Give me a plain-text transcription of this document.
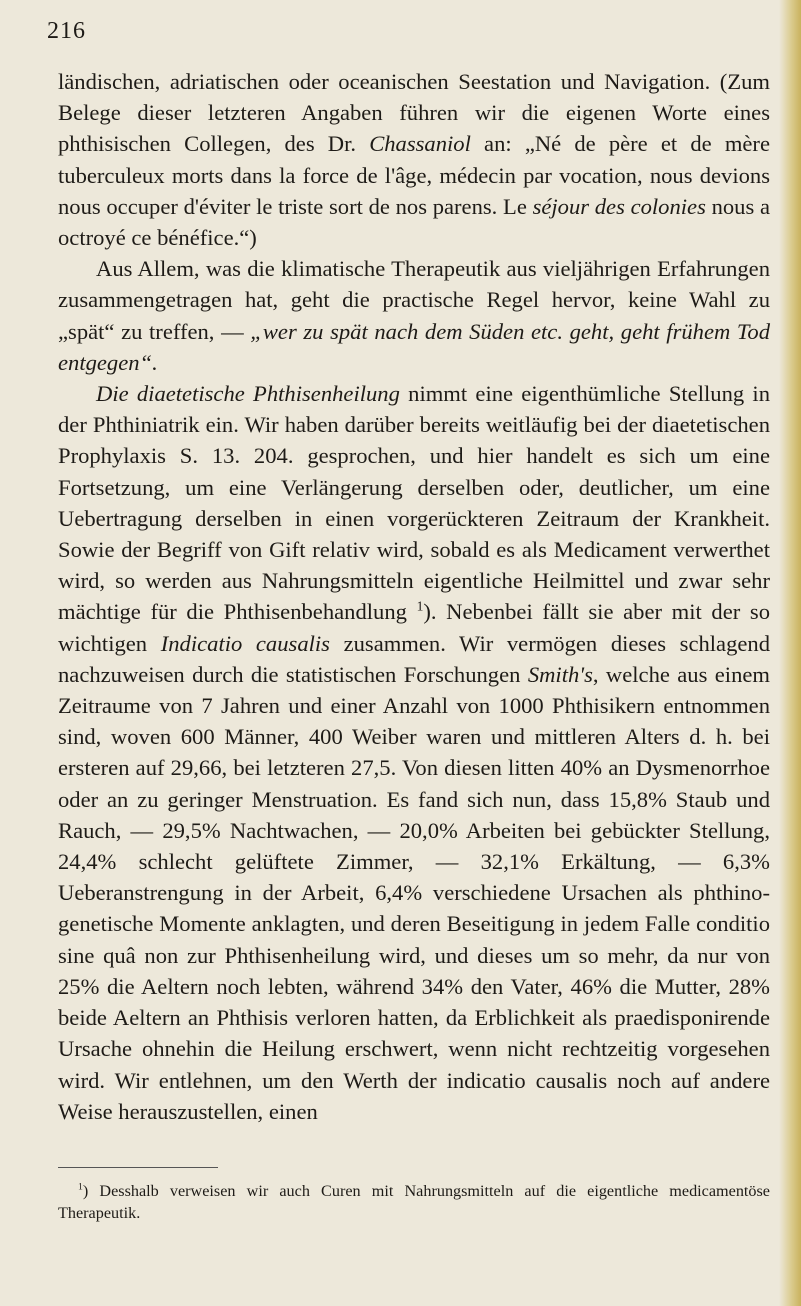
216

ländischen, adriatischen oder oceanischen Seestation und Navigation. (Zum Belege dieser letzteren Angaben führen wir die eigenen Worte eines phthisischen Collegen, des Dr. Chassaniol an: „Né de père et de mère tuberculeux morts dans la force de l'âge, médecin par vocation, nous devions nous occuper d'éviter le triste sort de nos parens. Le séjour des colonies nous a octroyé ce bénéfice.“)

Aus Allem, was die klimatische Therapeutik aus vieljährigen Erfahrungen zusammengetragen hat, geht die practische Regel hervor, keine Wahl zu „spät“ zu treffen, — „wer zu spät nach dem Süden etc. geht, geht frühem Tod entgegen“.

Die diaetetische Phthisenheilung nimmt eine eigenthümliche Stellung in der Phthiniatrik ein. Wir haben darüber bereits weitläufig bei der diaetetischen Prophylaxis S. 13. 204. gesprochen, und hier handelt es sich um eine Fortsetzung, um eine Verlängerung derselben oder, deutlicher, um eine Uebertragung derselben in einen vorgerückteren Zeitraum der Krankheit. Sowie der Begriff von Gift relativ wird, sobald es als Medicament verwerthet wird, so werden aus Nahrungsmitteln eigentliche Heilmittel und zwar sehr mächtige für die Phthisenbehandlung $^1$). Nebenbei fällt sie aber mit der so wichtigen Indicatio causalis zusammen. Wir vermögen dieses schlagend nachzuweisen durch die statistischen Forschungen Smith's, welche aus einem Zeitraume von 7 Jahren und einer Anzahl von 1000 Phthisikern entnommen sind, woven 600 Männer, 400 Weiber waren und mittleren Alters d. h. bei ersteren auf 29,66, bei letzteren 27,5. Von diesen litten 40% an Dysmenorrhoe oder an zu geringer Menstruation. Es fand sich nun, dass 15,8% Staub und Rauch, — 29,5% Nachtwachen, — 20,0% Arbeiten bei gebückter Stellung, 24,4% schlecht gelüftete Zimmer, — 32,1% Erkältung, — 6,3% Ueberanstrengung in der Arbeit, 6,4% verschiedene Ursachen als phthino-genetische Momente anklagten, und deren Beseitigung in jedem Falle conditio sine quâ non zur Phthisenheilung wird, und dieses um so mehr, da nur von 25% die Aeltern noch lebten, während 34% den Vater, 46% die Mutter, 28% beide Aeltern an Phthisis verloren hatten, da Erblichkeit als praedisponirende Ursache ohnehin die Heilung erschwert, wenn nicht rechtzeitig vorgesehen wird. Wir entlehnen, um den Werth der indicatio causalis noch auf andere Weise herauszustellen, einen

$^1$) Desshalb verweisen wir auch Curen mit Nahrungsmitteln auf die eigentliche medicamentöse Therapeutik.
